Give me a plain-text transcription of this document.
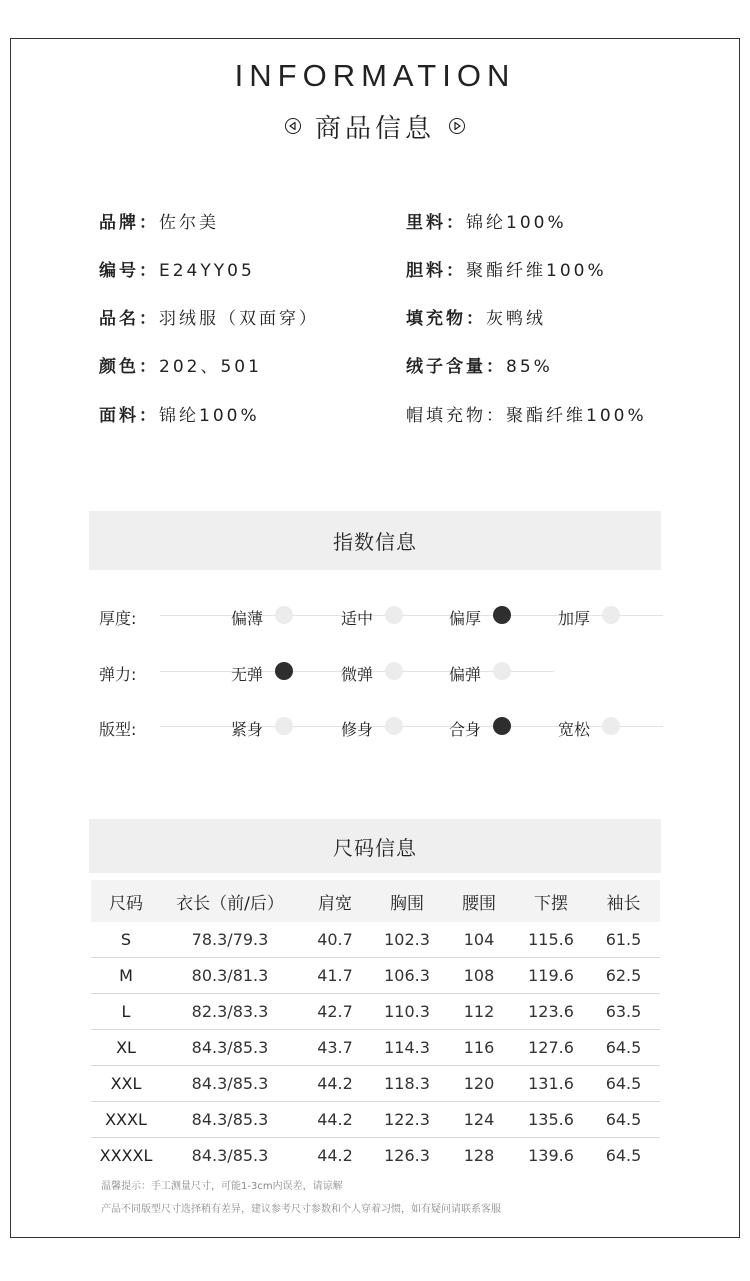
INFORMATION
商品信息
品牌：佐尔美
编号：E24YY05
品名：羽绒服（双面穿）
颜色：202、501
面料：锦纶100%
里料：锦纶100%
胆料：聚酯纤维100%
填充物：灰鸭绒
绒子含量：85%
帽填充物：聚酯纤维100%
指数信息
厚度:	偏薄	适中	偏厚	加厚
弹力:	无弹	微弹	偏弹
版型:	紧身	修身	合身	宽松
尺码信息
尺码	衣长（前/后）	肩宽	胸围	腰围	下摆	袖长
S	78.3/79.3	40.7	102.3	104	115.6	61.5
M	80.3/81.3	41.7	106.3	108	119.6	62.5
L	82.3/83.3	42.7	110.3	112	123.6	63.5
XL	84.3/85.3	43.7	114.3	116	127.6	64.5
XXL	84.3/85.3	44.2	118.3	120	131.6	64.5
XXXL	84.3/85.3	44.2	122.3	124	135.6	64.5
XXXXL	84.3/85.3	44.2	126.3	128	139.6	64.5
温馨提示：手工测量尺寸，可能1-3cm内误差，请谅解
产品不同版型尺寸选择稍有差异，建议参考尺寸参数和个人穿着习惯，如有疑问请联系客服
